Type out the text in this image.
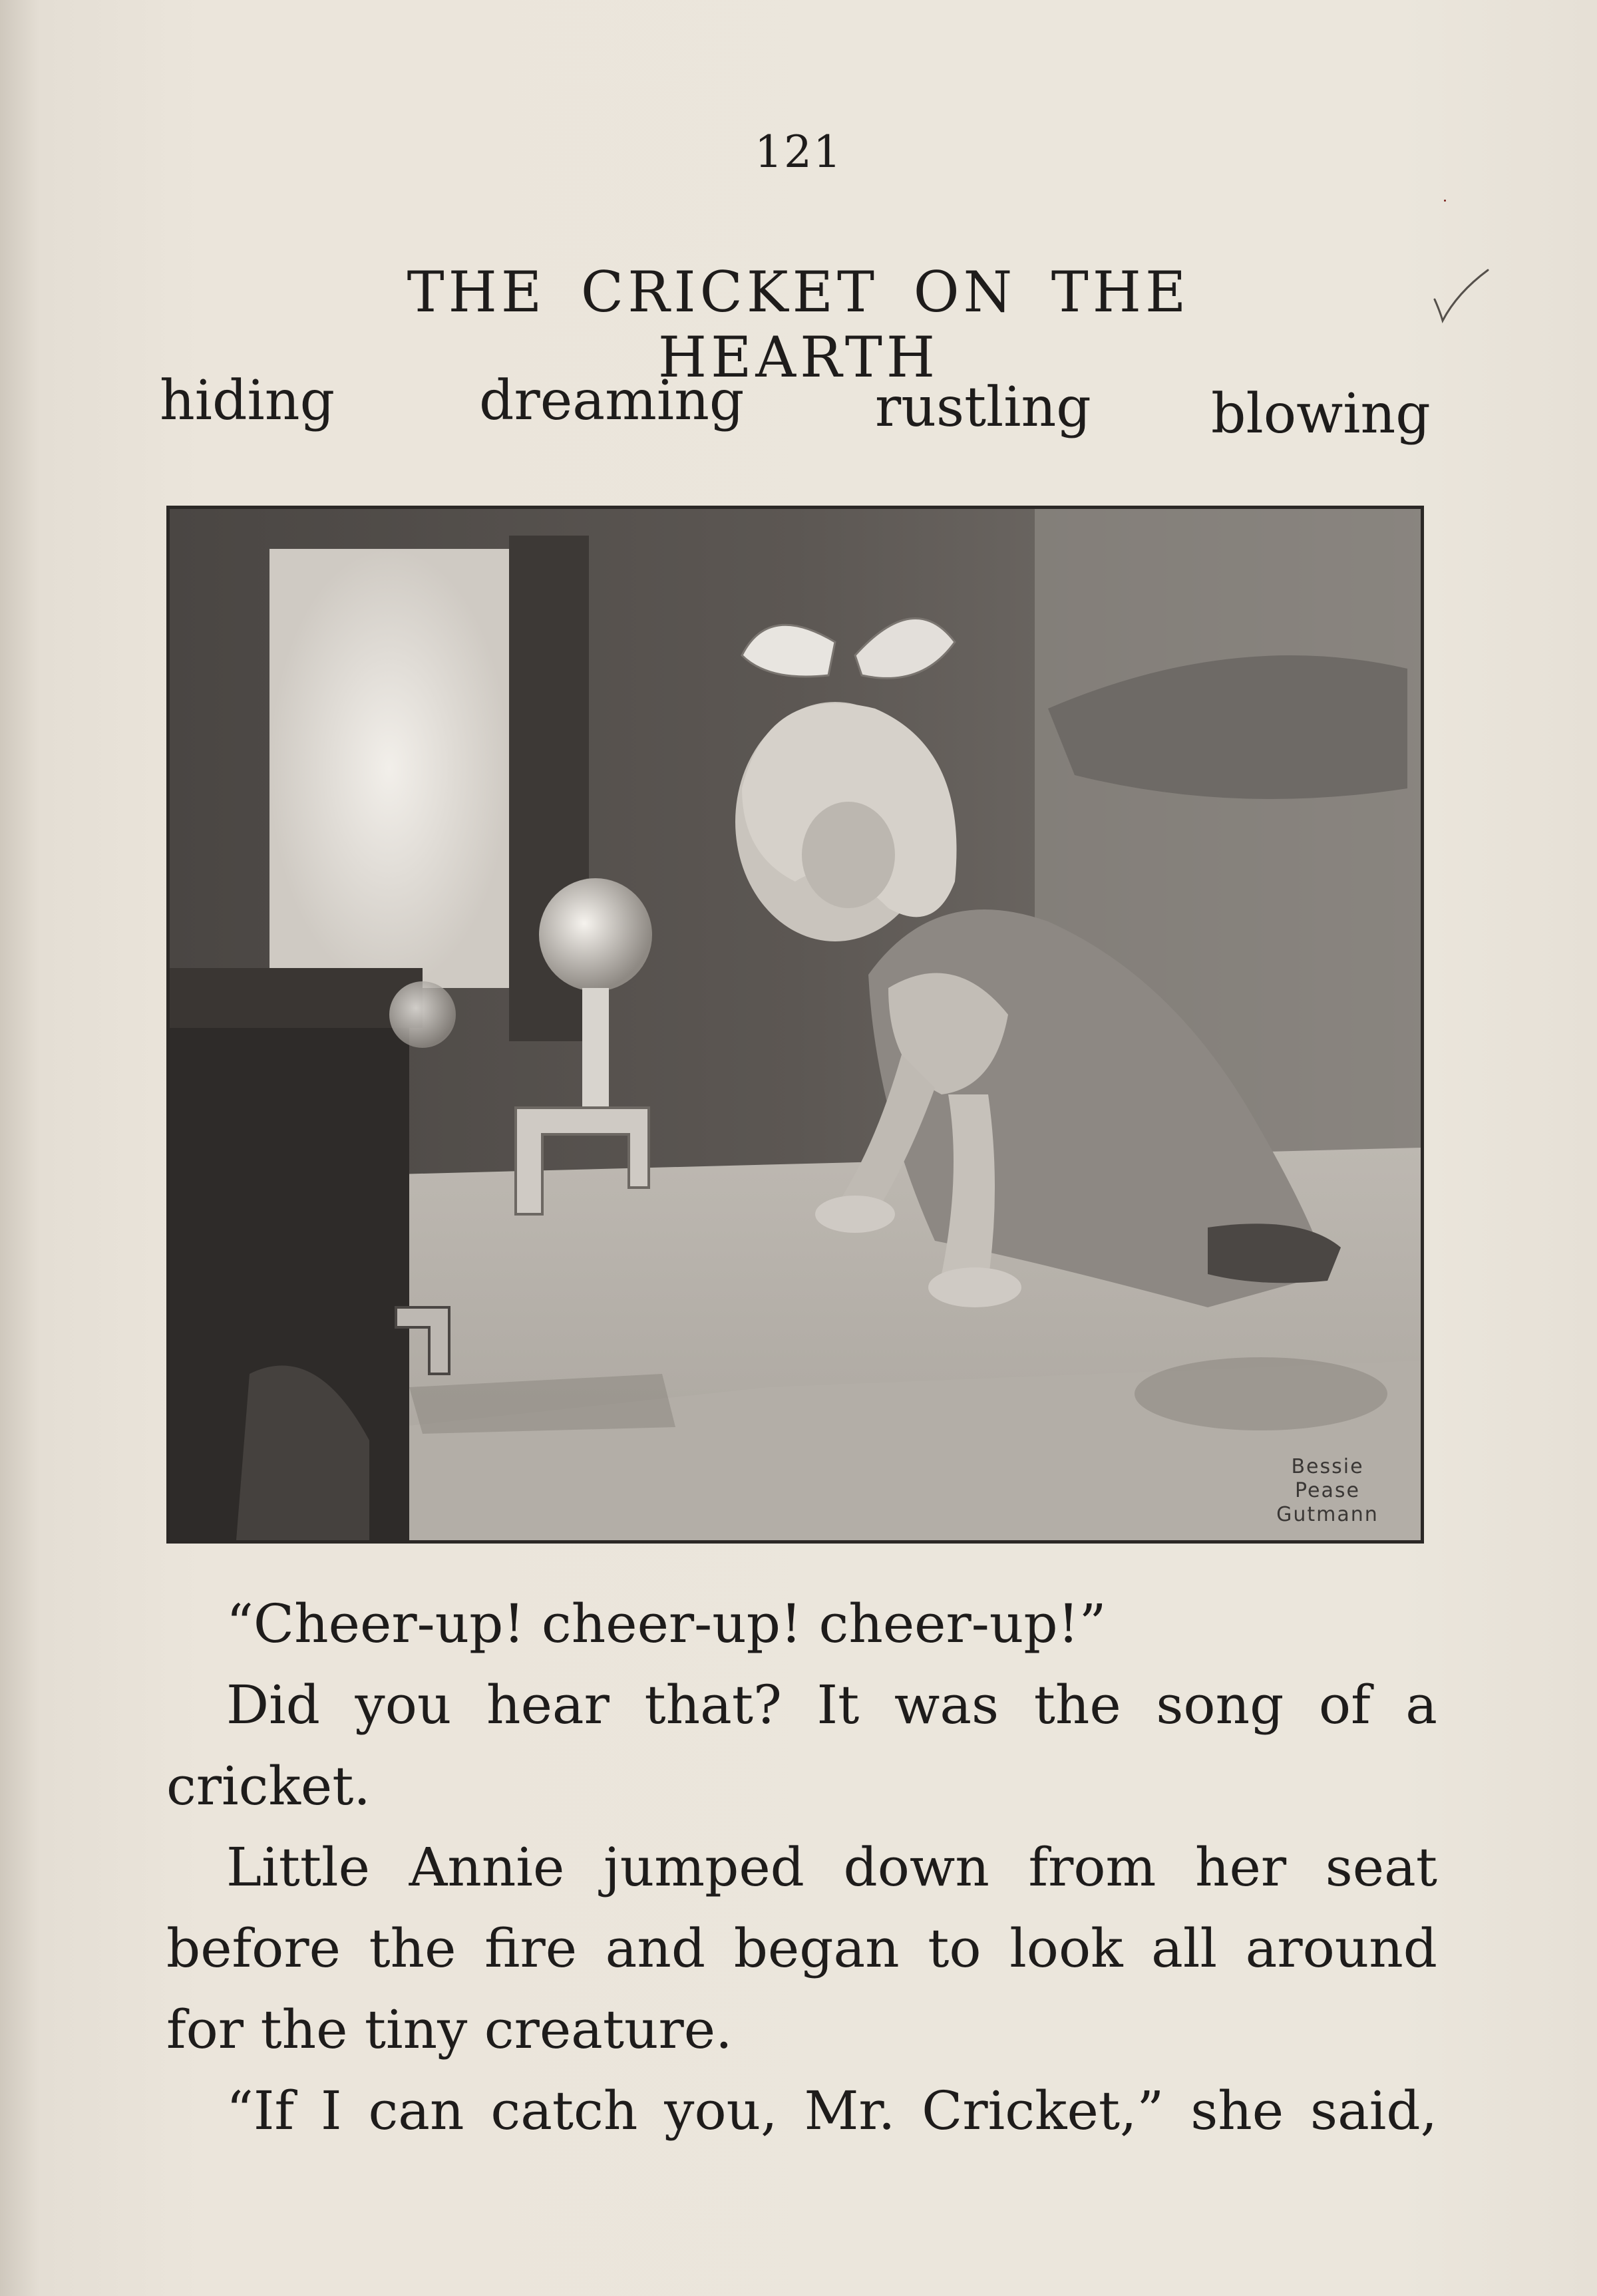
121
THE CRICKET ON THE HEARTH
hiding	dreaming rustling blowing
Bessie
Pease
Gutmann

“Cheer-up! cheer-up! cheer-up!”

Did you hear that? It was the song of a cricket.

Little Annie jumped down from her seat before the fire and began to look all around for the tiny creature.

“If I can catch you, Mr. Cricket,” she said,
